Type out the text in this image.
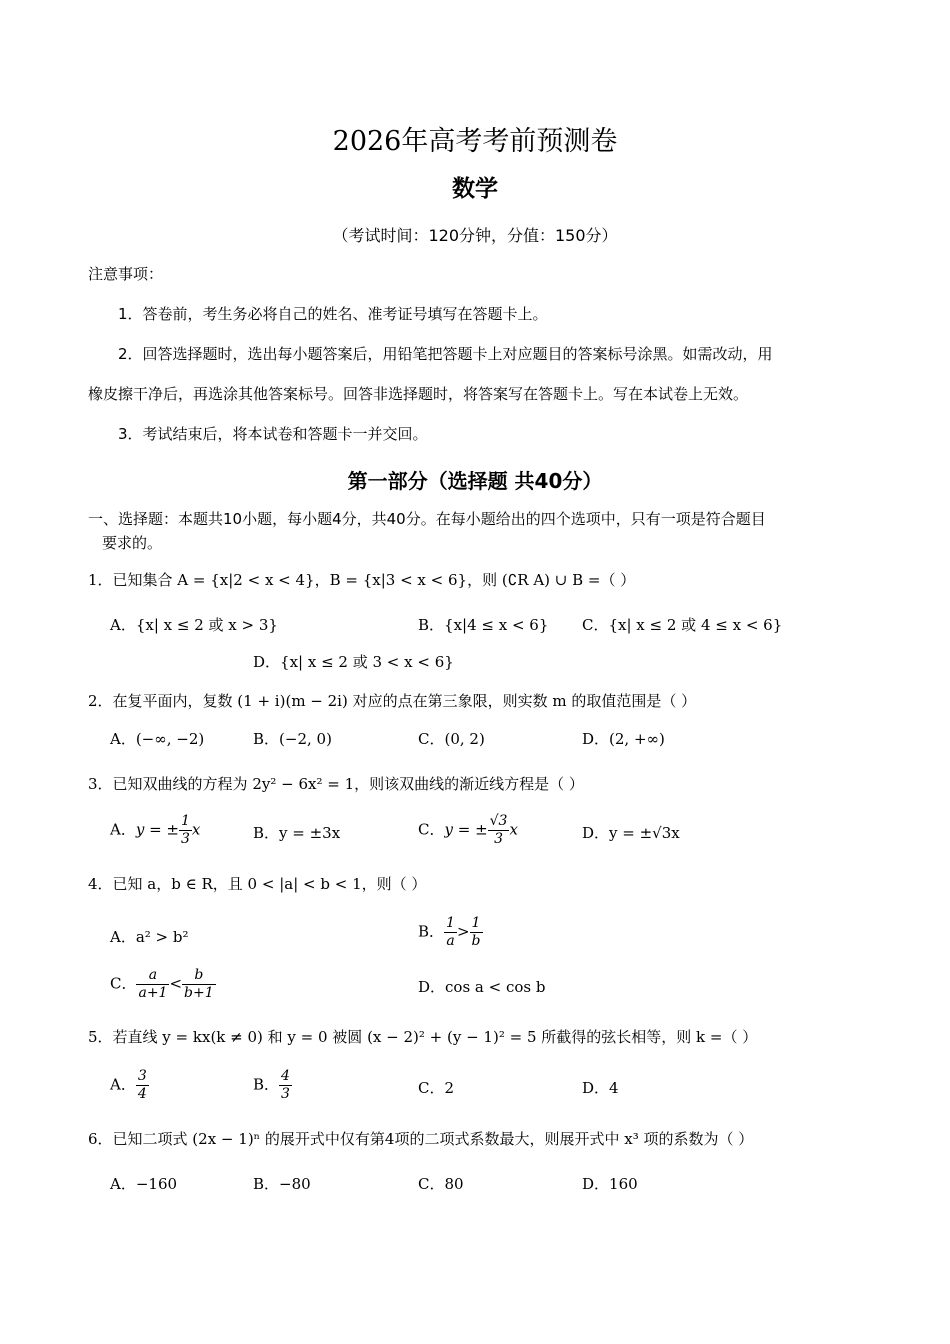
2026年高考考前预测卷
数学
（考试时间：120分钟，分值：150分）
注意事项：
1．答卷前，考生务必将自己的姓名、准考证号填写在答题卡上。
2．回答选择题时，选出每小题答案后，用铅笔把答题卡上对应题目的答案标号涂黑。如需改动，用
橡皮擦干净后，再选涂其他答案标号。回答非选择题时，将答案写在答题卡上。写在本试卷上无效。
3．考试结束后，将本试卷和答题卡一并交回。
第一部分（选择题 共40分）
一、选择题：本题共10小题，每小题4分，共40分。在每小题给出的四个选项中，只有一项是符合题目
要求的。
1．已知集合 A = {x|2 < x < 4}，B = {x|3 < x < 6}，则 (∁R A) ∪ B =（ ）
A．{x| x ≤ 2 或 x > 3}	B．{x|4 ≤ x < 6} C．{x| x ≤ 2 或 4 ≤ x < 6}
D．{x| x ≤ 2 或 3 < x < 6}
2．在复平面内，复数 (1 + i)(m − 2i) 对应的点在第三象限，则实数 m 的取值范围是（ ）
A．(−∞, −2)	B．(−2, 0)	C．(0, 2)	D．(2, +∞)
3．已知双曲线的方程为 2y² − 6x² = 1，则该双曲线的渐近线方程是（ ）
A．y = ± $\frac{1}{3}$ x	B．y = ±3x	C．y = ± $\frac{√3}{3}$ x	D．y = ±√3x
4．已知 a，b ∈ R，且 0 < |a| < b < 1，则（ ）
A．a² > b²	B． $\frac{1}{a} > \frac{1}{b}$
C． $\frac{a}{a+1} < \frac{b}{b+1}$	D．cos a < cos b
5．若直线 y = kx(k ≠ 0) 和 y = 0 被圆 (x − 2)² + (y − 1)² = 5 所截得的弦长相等，则 k =（ ）
A． $\frac{3}{4}$	B． $\frac{4}{3}$	C．2	D．4
6．已知二项式 (2x − 1)ⁿ 的展开式中仅有第4项的二项式系数最大，则展开式中 x³ 项的系数为（ ）
A．−160	B．−80	C．80	D．160
